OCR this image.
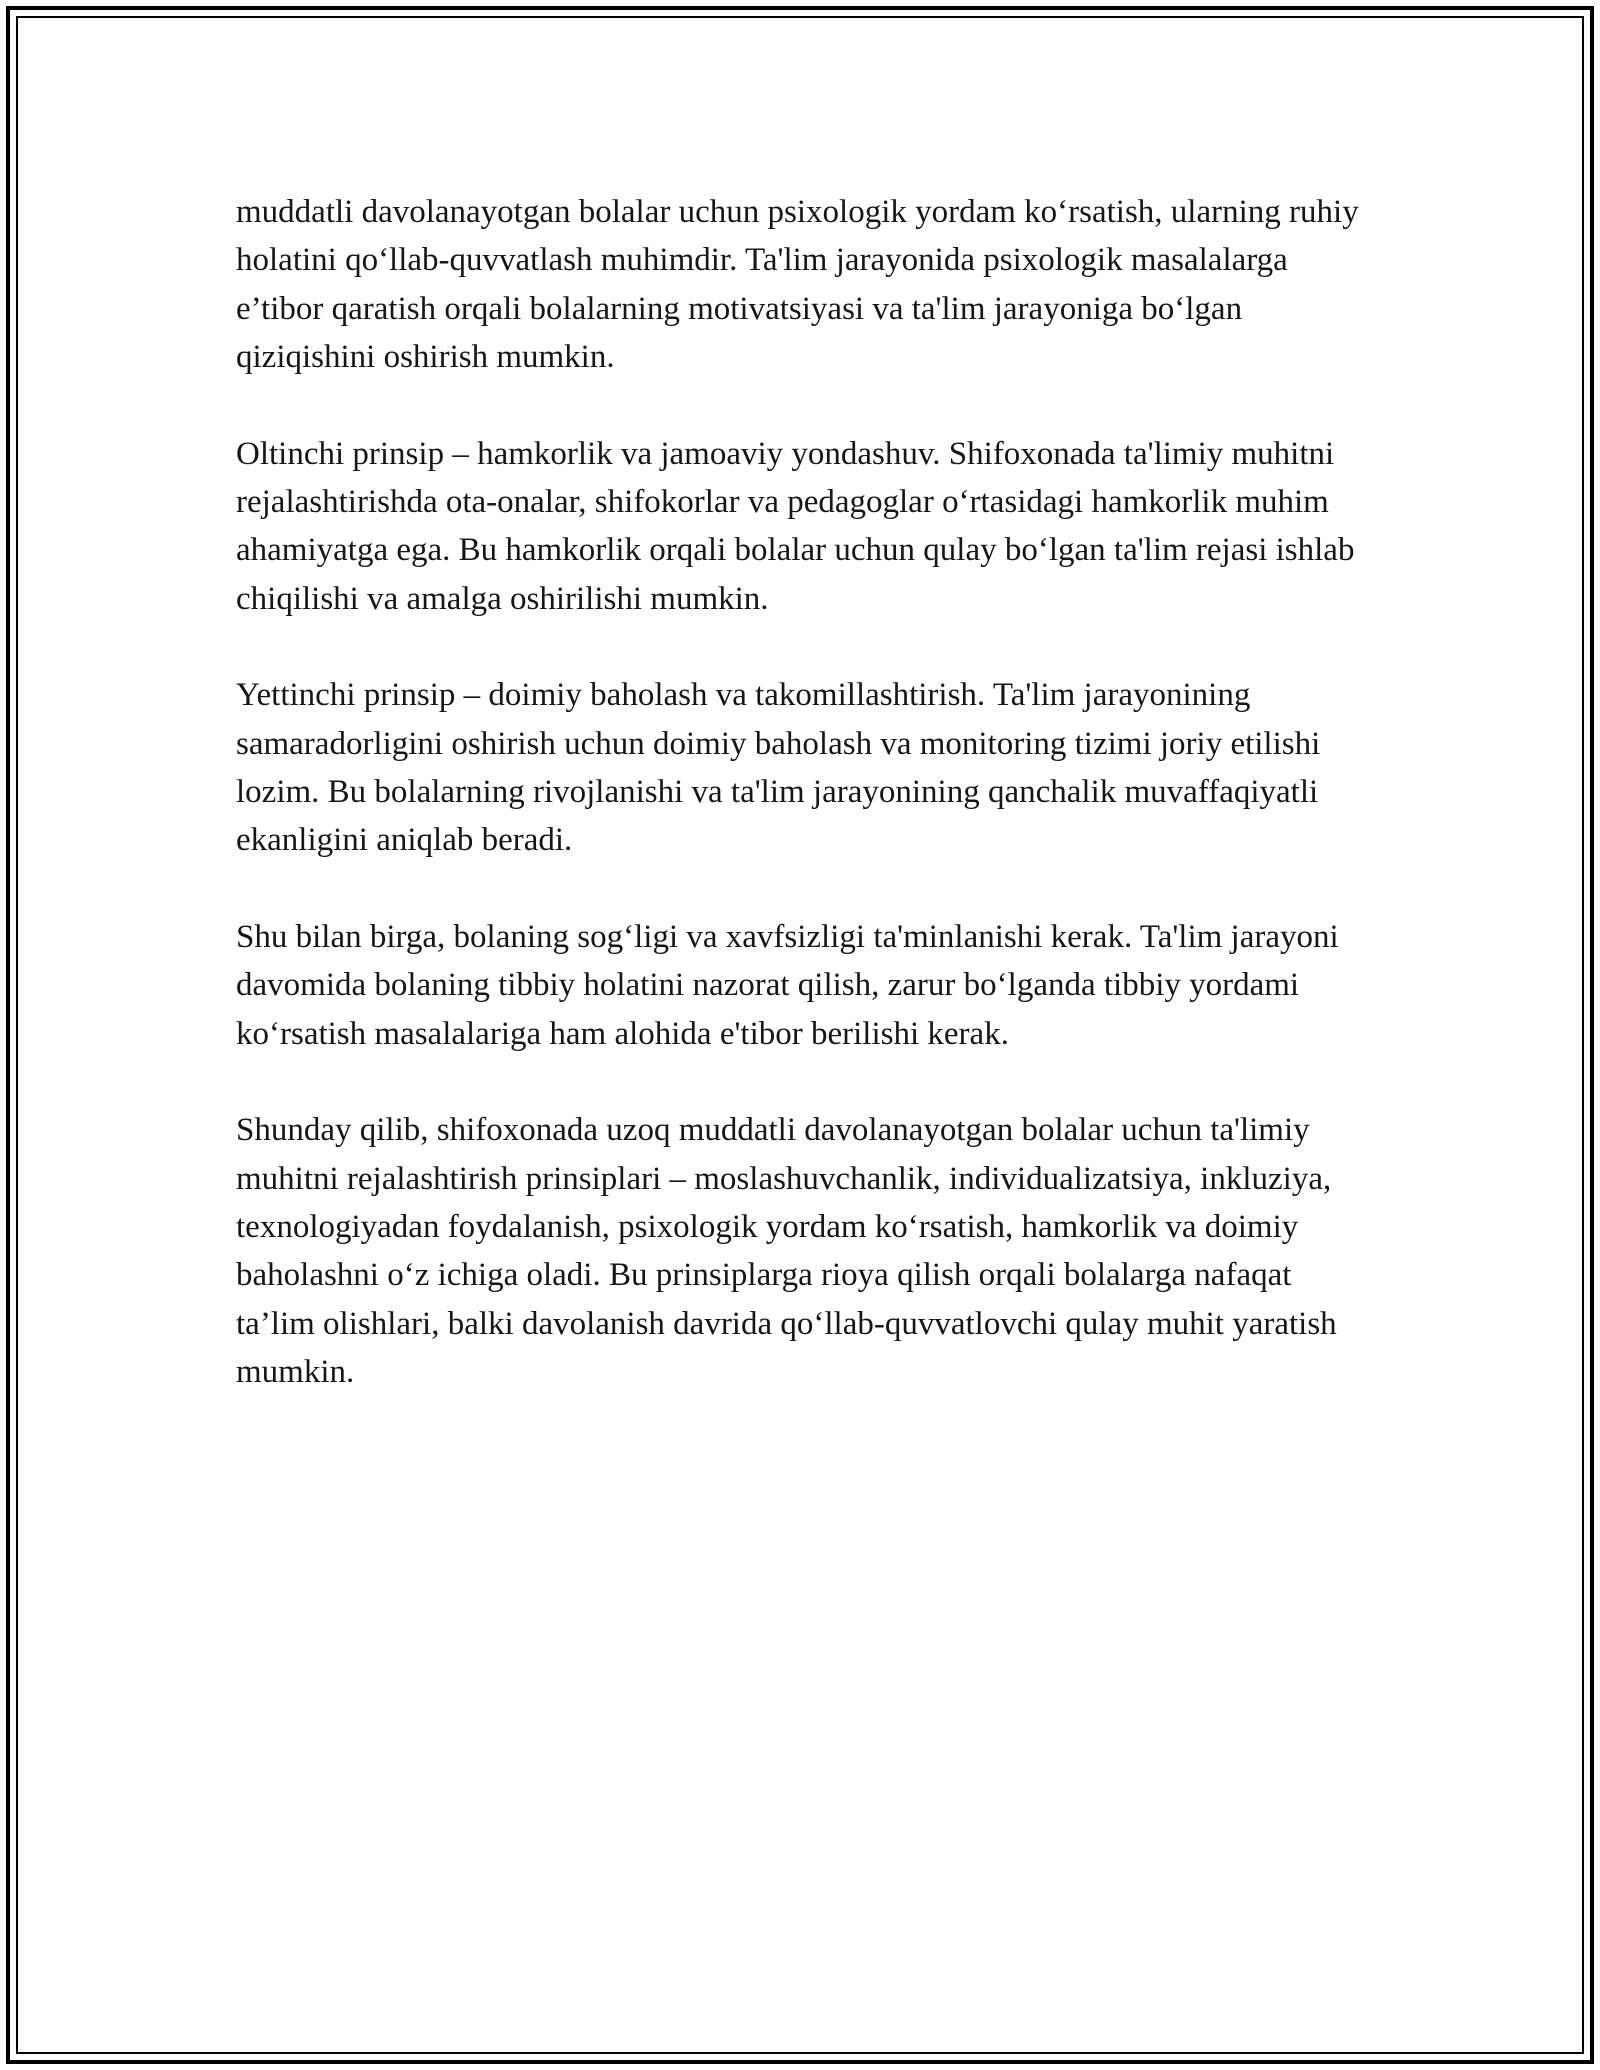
muddatli davolanayotgan bolalar uchun psixologik yordam ko‘rsatish, ularning ruhiy holatini qo‘llab-quvvatlash muhimdir. Ta'lim jarayonida psixologik masalalarga e’tibor qaratish orqali bolalarning motivatsiyasi va ta'lim jarayoniga bo‘lgan qiziqishini oshirish mumkin.

Oltinchi prinsip – hamkorlik va jamoaviy yondashuv. Shifoxonada ta'limiy muhitni rejalashtirishda ota-onalar, shifokorlar va pedagoglar o‘rtasidagi hamkorlik muhim ahamiyatga ega. Bu hamkorlik orqali bolalar uchun qulay bo‘lgan ta'lim rejasi ishlab chiqilishi va amalga oshirilishi mumkin.

Yettinchi prinsip – doimiy baholash va takomillashtirish. Ta'lim jarayonining samaradorligini oshirish uchun doimiy baholash va monitoring tizimi joriy etilishi lozim. Bu bolalarning rivojlanishi va ta'lim jarayonining qanchalik muvaffaqiyatli ekanligini aniqlab beradi.

Shu bilan birga, bolaning sog‘ligi va xavfsizligi ta'minlanishi kerak. Ta'lim jarayoni davomida bolaning tibbiy holatini nazorat qilish, zarur bo‘lganda tibbiy yordami ko‘rsatish masalalariga ham alohida e'tibor berilishi kerak.

Shunday qilib, shifoxonada uzoq muddatli davolanayotgan bolalar uchun ta'limiy muhitni rejalashtirish prinsiplari – moslashuvchanlik, individualizatsiya, inkluziya, texnologiyadan foydalanish, psixologik yordam ko‘rsatish, hamkorlik va doimiy baholashni o‘z ichiga oladi. Bu prinsiplarga rioya qilish orqali bolalarga nafaqat ta’lim olishlari, balki davolanish davrida qo‘llab-quvvatlovchi qulay muhit yaratish mumkin.
